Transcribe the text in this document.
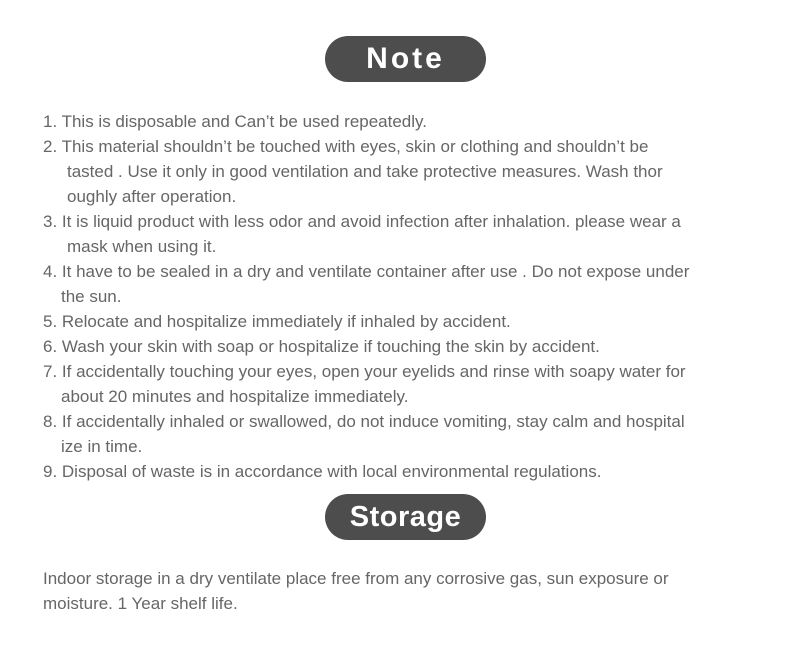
Note
1. This is disposable and Can’t be used repeatedly.
2. This material shouldn’t be touched with eyes, skin or clothing and shouldn’t be
tasted . Use it only in good ventilation and take protective measures. Wash thor
oughly after operation.
3. It is liquid product with less odor and avoid infection after inhalation. please wear a
mask when using it.
4. It have to be sealed in a dry and ventilate container after use . Do not expose under
the sun.
5. Relocate and hospitalize immediately if inhaled by accident.
6. Wash your skin with soap or hospitalize if touching the skin by accident.
7. If accidentally touching your eyes, open your eyelids and rinse with soapy water for
about 20 minutes and hospitalize immediately.
8. If accidentally inhaled or swallowed, do not induce vomiting, stay calm and hospital
ize in time.
9. Disposal of waste is in accordance with local environmental regulations.
Storage

Indoor storage in a dry ventilate place free from any corrosive gas, sun exposure or
moisture. 1 Year shelf life.
